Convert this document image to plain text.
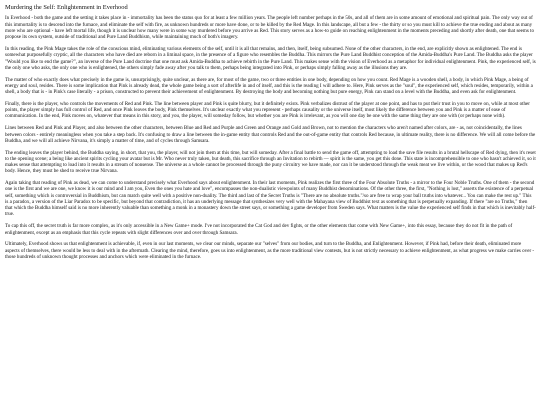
Murdering the Self: Enlightenment in Everhood

In Everhood - both the game and the setting it takes place in - immortality has been the status quo for at least a few million years. The people left number perhaps in the 50s, and all of them are in some amount of emotional and spiritual pain. The only way out of this immortality is to descend into the furnace, and eliminate the self with fire, as unknown hundreds or more have done, or to be killed by the Red Mage. In this landscape, all but a few - the thirty or so you must kill to achieve the true ending and about as many more who are optional - have left mortal life, though it is unclear how many were in some way murdered before you arrive as Red. This story serves as a how-to guide on reaching enlightenment in the moments preceding and shortly after death, one that seems to propose its own system, outside of traditional and Pure Land Buddhism, while maintaining much of both's imagery.

In this reading, the Pink Mage takes the role of the conscious mind, eliminating various elements of the self, until it is all that remains, and then, itself, being subsumed. None of the other characters, in the end, are explicitly shown as enlightened. The end is somewhat purposefully cryptic, all the characters who have died are reborn in a liminal space, in the presence of a figure who resembles the Buddha. This mirrors the Pure Land Buddhist conception of the Amida-Buddha's Pure Land. The Buddha asks the player "Would you like to end the game?", an inverse of the Pure Land doctrine that one must ask Amida-Buddha to achieve rebirth in the Pure Land. This makes sense with the vision of Everhood as a metaphor for individual enlightenment. Pink, the experienced self, is the only one who asks, the only one who is enlightened, the others simply fade away after you talk to them, perhaps being integrated into Pink, or perhaps simply falling away as the illusions they are.

The matter of who exactly does what precisely in the game is, unsurprisingly, quite unclear, as there are, for most of the game, two or three entities in one body, depending on how you count. Red Mage is a wooden shell, a body, in which Pink Mage, a being of energy and soul, resides. There is some implication that Pink is already dead, the whole game being a sort of afterlife in and of itself, and this is the reading I will adhere to. Here, Pink serves as the "soul", the experienced self, which resides, temporarily, within a shell, a body that is - in Pink's case literally - a prison, constructed to prevent their achievement of enlightenment. By destroying the body and becoming nothing but pure energy, Pink can stand on a level with the Buddha, and even ask for enlightenment.

Finally, there is the player, who controls the movements of Red and Pink. The line between player and Pink is quite blurry, but it definitely exists. Pink verbalizes distrust of the player at one point, and has to put their trust in you to move on, while at most other points, the player simply has full control of Red, and once Pink leaves the body, Pink themselves. It's unclear exactly what you represent - perhaps causality or the universe itself, most likely the difference between you and Pink is a matter of ease of communication. In the end, Pink moves on, whatever that means in this story, and you, the player, will someday follow, but whether you are Pink is irrelevant, as you will one day be one with the same thing they are one with (or perhaps none with).

Lines between Red and Pink and Player, and also between the other characters, between Blue and Red and Purple and Green and Orange and Gold and Brown, not to mention the characters who aren't named after colors, are - as, not coincidentally, the lines between colors - entirely meaningless when you take a step back. It's confusing to draw a line between the in-game entity that controls Red and the out-of-game entity that controls Red because, in ultimate reality, there is no difference. We will all come before the Buddha, and we will all achieve Nirvana, it's simply a matter of time, and of cycles through Samsara.

The ending leaves the player behind, the Buddha saying, in short, that you, the player, will not join them at this time, but will someday. After a final battle to send the game off, attempting to load the save file results in a brutal hellscape of Red dying, then it's reset to the opening scene; a being like ancient spirits cycling your avatar but is Mr. Who never truly taken, but death, this sacrifice through an Invitation to rebirth — spirit is the same, you get this done. This state is incomprehensible to one who hasn't achieved it, so it makes sense that attempting to load into it results in a stream of nonsense. The universe as a whole cannot be processed through the puny circuitry we have made, nor can it be understood through the weak meat we live within, or the wood that makes up Red's body. Hence, they must be shed to receive true Nirvana.

Again taking that reading of Pink as dead, we can come to understand precisely what Everhood says about enlightenment. In their last moments, Pink realizes the first three of the Four Absolute Truths - a mirror to the Four Noble Truths. One of them - the second one is the first and we are one, we know it is our mind and I am you, Even the ones you hate and love", encompasses the non-dualistic viewpoints of many Buddhist denominations. Of the other three, the first, "Nothing is lost," asserts the existence of a perpetual self, something which is controversial in Buddhism, but can match quite well with a positive non-duality. The third and last of the Secret Truths is "There are no absolute truths."/so are free to wrap your ball truths into whatever... You can make the rest up." This is a paradox, a version of the Liar Paradox to be specific, but beyond that contradiction, it has an underlying message that synthesizes very well with the Mahayana view of Buddhist text as something that is perpetually expanding. If there "are no Truths," then that which the Buddha himself said is no more inherently valuable than something a monk in a monastery down the street says, or something a game developer from Sweden says. What matters is the value the experienced self finds in that which is inevitably half-true.

To cap this off, the secret truth is far more complex, as it's only accessible in a New Game+ mode. I've not incorporated the Cat God and dev fights, or the other elements that come with New Game+, into this essay, because they do not fit in the path of enlightenment, except as an emphasis that this cycle repeats with slight differences over and over through Samsara.

Ultimately, Everhood shows us that enlightenment is achievable, if, even in our last moments, we clear our minds, separate our "selves" from our bodies, and turn to the Buddha, and Enlightenment. However, if Pink had, before their death, eliminated more aspects of themselves, there would be less to deal with in the aftermath. Clearing the mind, therefore, goes us into enlightenment, as the more traditional view contests, but is not strictly necessary to achieve enlightenment, as what progress we make carries over - those hundreds of unknown thought processes and anchors which were eliminated in the furnace.
